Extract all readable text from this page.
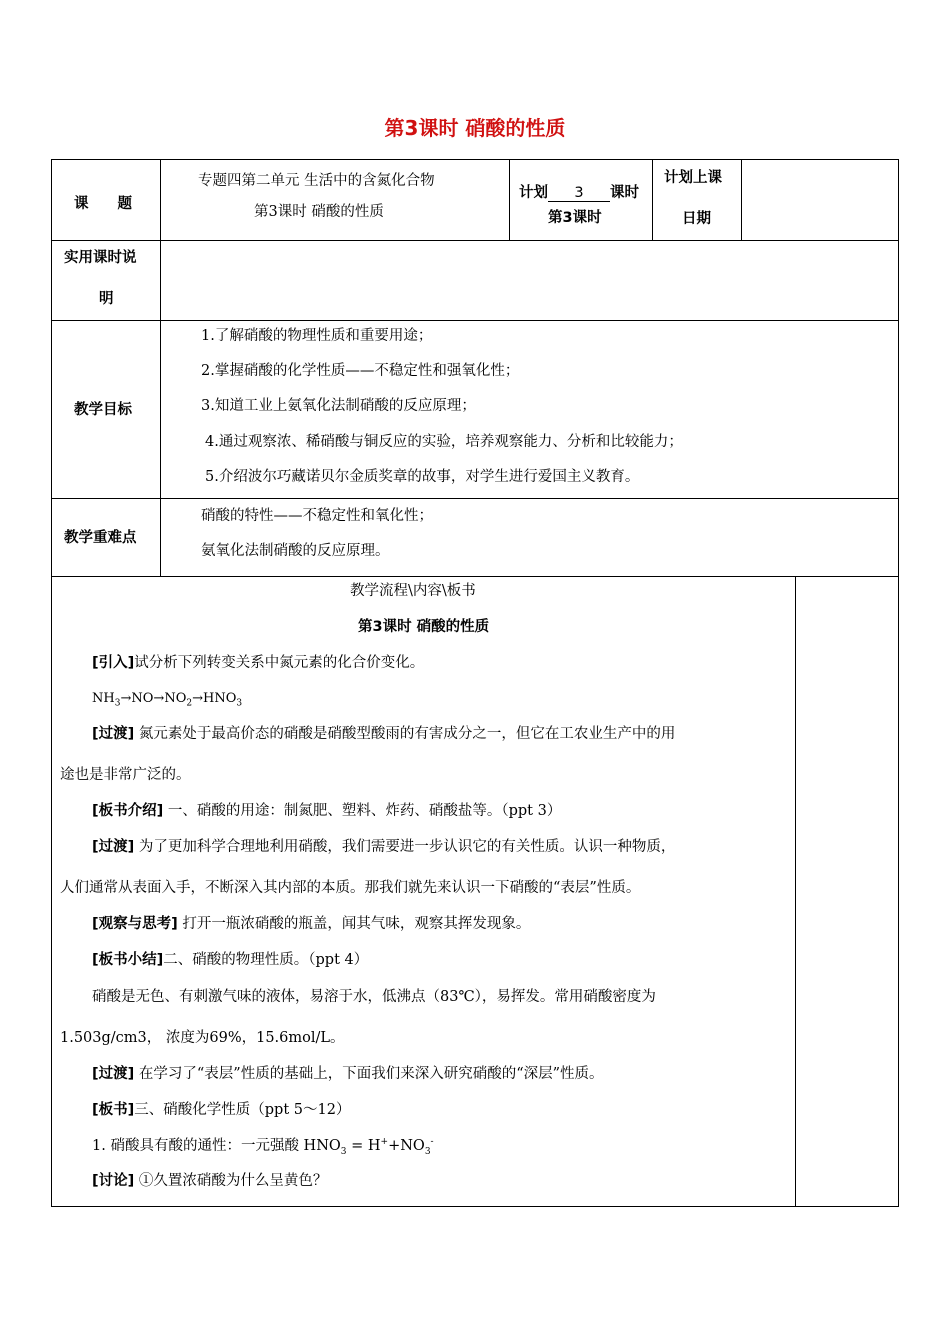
第3课时 硝酸的性质
课　　题
专题四第二单元 生活中的含氮化合物
第3课时 硝酸的性质
计划 3 课时
第3课时
计划上课
日期
实用课时说
明
教学目标
1.了解硝酸的物理性质和重要用途；
2.掌握硝酸的化学性质——不稳定性和强氧化性；
3.知道工业上氨氧化法制硝酸的反应原理；
4.通过观察浓、稀硝酸与铜反应的实验，培养观察能力、分析和比较能力；
5.介绍波尔巧藏诺贝尔金质奖章的故事，对学生进行爱国主义教育。
教学重难点
硝酸的特性——不稳定性和氧化性；
氨氧化法制硝酸的反应原理。
教学流程\内容\板书
第3课时 硝酸的性质
[引入]试分析下列转变关系中氮元素的化合价变化。
$NH_3\to NO\to NO_2\to HNO_3$
[过渡] 氮元素处于最高价态的硝酸是硝酸型酸雨的有害成分之一，但它在工农业生产中的用
途也是非常广泛的。
[板书介绍] 一、硝酸的用途：制氮肥、塑料、炸药、硝酸盐等。（ppt 3）
[过渡] 为了更加科学合理地利用硝酸，我们需要进一步认识它的有关性质。认识一种物质，
人们通常从表面入手，不断深入其内部的本质。那我们就先来认识一下硝酸的“表层”性质。
[观察与思考] 打开一瓶浓硝酸的瓶盖，闻其气味，观察其挥发现象。
[板书小结]二、硝酸的物理性质。（ppt 4）
硝酸是无色、有刺激气味的液体，易溶于水，低沸点（83℃），易挥发。常用硝酸密度为
1.503g/cm3， 浓度为69%，15.6mol/L。
[过渡] 在学习了“表层”性质的基础上，下面我们来深入研究硝酸的“深层”性质。
[板书]三、硝酸化学性质（ppt 5～12）
1. 硝酸具有酸的通性：一元强酸 $HNO_3 = H^++NO_3^-$
[讨论] ①久置浓硝酸为什么呈黄色？
